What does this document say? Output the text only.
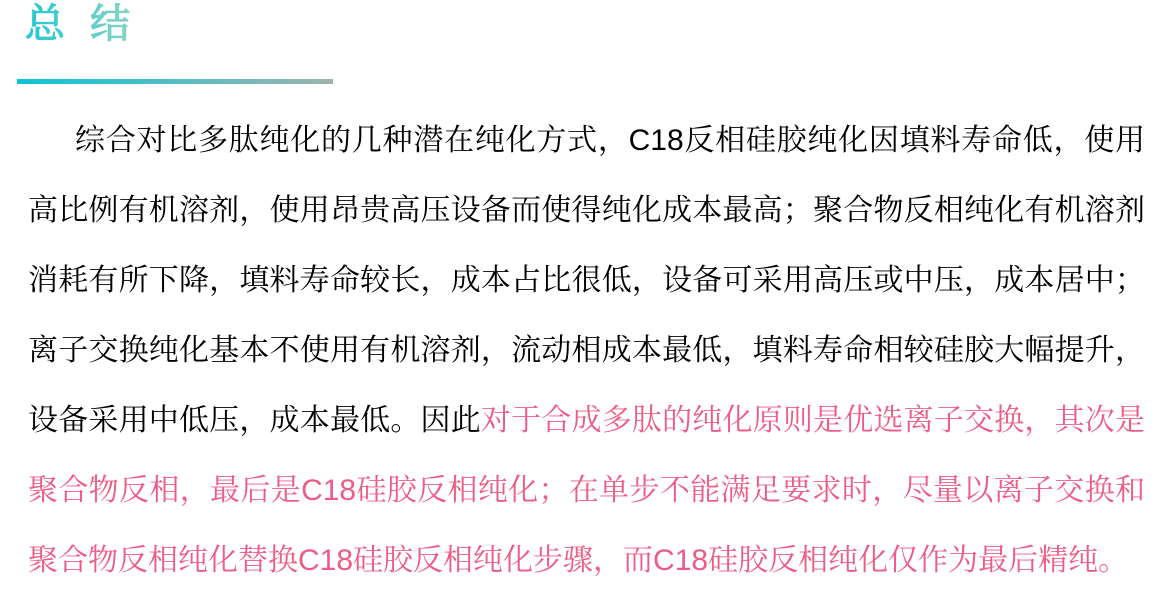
总 结

综合对比多肽纯化的几种潜在纯化方式，C18反相硅胶纯化因填料寿命低，使用高比例有机溶剂，使用昂贵高压设备而使得纯化成本最高；聚合物反相纯化有机溶剂消耗有所下降，填料寿命较长，成本占比很低，设备可采用高压或中压，成本居中；离子交换纯化基本不使用有机溶剂，流动相成本最低，填料寿命相较硅胶大幅提升，设备采用中低压，成本最低。因此对于合成多肽的纯化原则是优选离子交换，其次是聚合物反相，最后是C18硅胶反相纯化；在单步不能满足要求时，尽量以离子交换和聚合物反相纯化替换C18硅胶反相纯化步骤，而C18硅胶反相纯化仅作为最后精纯。
